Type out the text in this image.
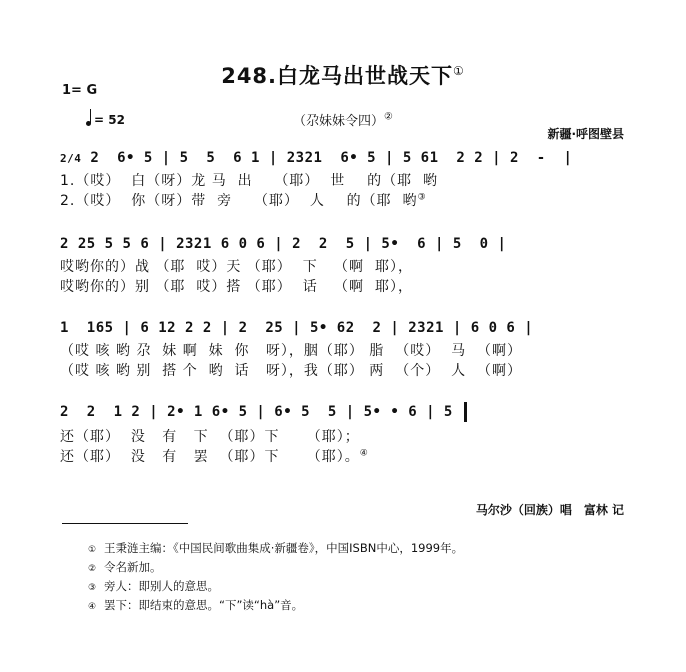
248.白龙马出世战天下①
1= G
= 52	（尕妹妹令四）②
新疆·呼图壁县
2/4 2  6• 5 | 5  5  6 1 | 2321  6• 5 | 5 61  2 2 | 2  -  |
1.（哎）  白（呀）龙 马  出    （耶）  世    的（耶  哟
2.（哎）  你（呀）带  旁    （耶）  人    的（耶  哟③
2 25 5 5 6 | 2321 6 0 6 | 2  2  5 | 5•  6 | 5  0 |
哎哟你的）战 （耶  哎）天 （耶）  下   （啊  耶），
哎哟你的）别 （耶  哎）搭 （耶）  话   （啊  耶），
1  165 | 6 12 2 2 | 2  25 | 5• 62  2 | 2321 | 6 0 6 |
（哎 咳 哟 尕  妹 啊  妹  你   呀），胭（耶） 脂  （哎）  马  （啊）
（哎 咳 哟 别  搭 个  哟  话   呀），我（耶） 两  （个）  人  （啊）
2  2  1 2 | 2• 1 6• 5 | 6• 5  5 | 5• • 6 | 5
还（耶）  没   有   下  （耶）下     （耶）；
还（耶）  没   有   罢  （耶）下     （耶）。④
马尔沙（回族）唱　富林 记
① 王秉涟主编：《中国民间歌曲集成·新疆卷》，中国ISBN中心，1999年。
② 令名新加。
③ 旁人：即别人的意思。
④ 罢下：即结束的意思。“下”读“hà”音。
